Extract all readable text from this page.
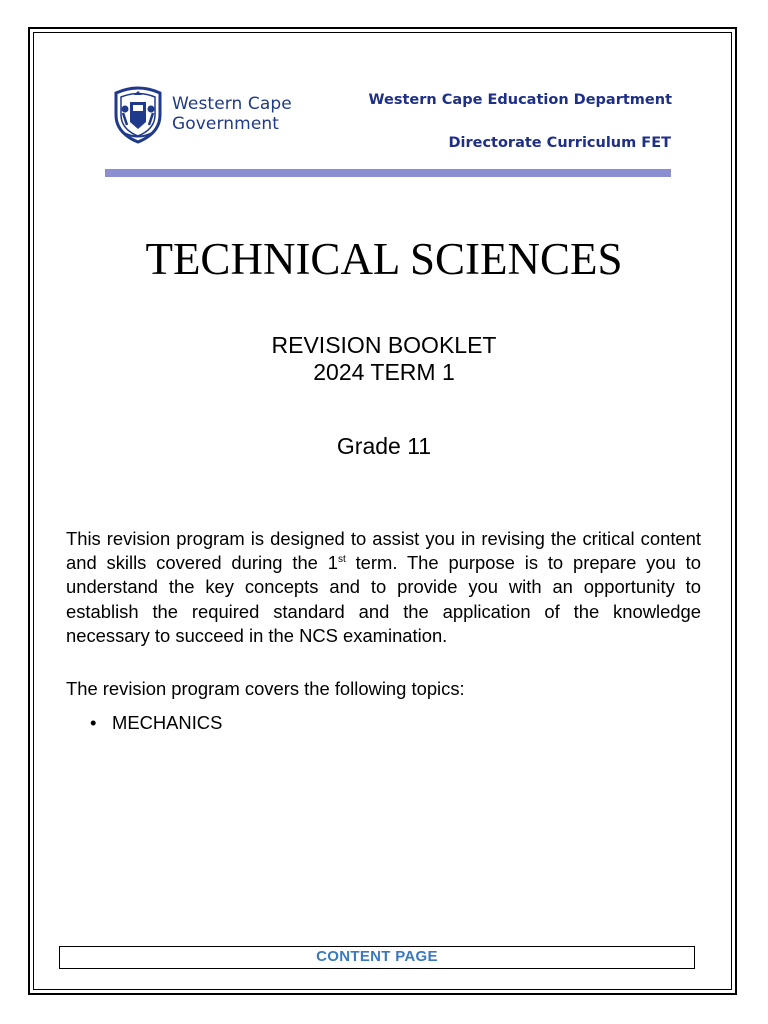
Western Cape
Government
Western Cape Education Department
Directorate Curriculum FET
TECHNICAL SCIENCES
REVISION BOOKLET
2024 TERM 1
Grade 11

This revision program is designed to assist you in revising the critical content and skills covered during the 1st term. The purpose is to prepare you to understand the key concepts and to provide you with an opportunity to establish the required standard and the application of the knowledge necessary to succeed in the NCS examination.

The revision program covers the following topics:

• MECHANICS
CONTENT PAGE
